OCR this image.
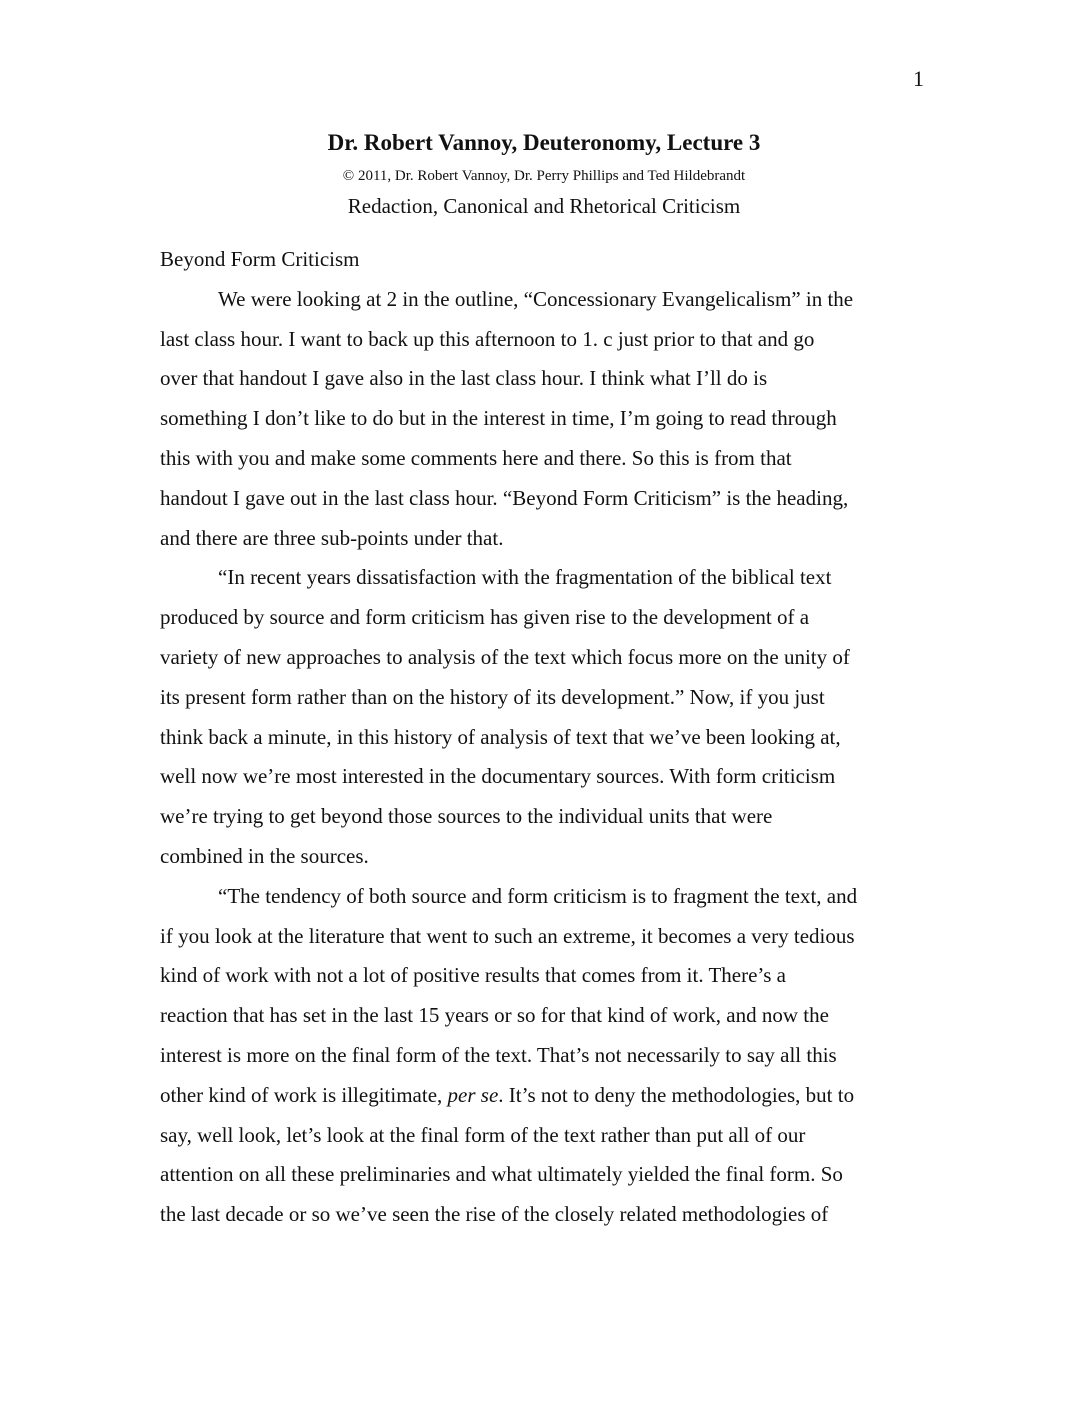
1
Dr. Robert Vannoy, Deuteronomy, Lecture 3
© 2011, Dr. Robert Vannoy, Dr. Perry Phillips and Ted Hildebrandt
Redaction, Canonical and Rhetorical Criticism

Beyond Form Criticism

We were looking at 2 in the outline, “Concessionary Evangelicalism” in the
last class hour. I want to back up this afternoon to 1. c just prior to that and go
over that handout I gave also in the last class hour. I think what I’ll do is
something I don’t like to do but in the interest in time, I’m going to read through
this with you and make some comments here and there. So this is from that
handout I gave out in the last class hour. “Beyond Form Criticism” is the heading,
and there are three sub-points under that.

“In recent years dissatisfaction with the fragmentation of the biblical text
produced by source and form criticism has given rise to the development of a
variety of new approaches to analysis of the text which focus more on the unity of
its present form rather than on the history of its development.” Now, if you just
think back a minute, in this history of analysis of text that we’ve been looking at,
well now we’re most interested in the documentary sources. With form criticism
we’re trying to get beyond those sources to the individual units that were
combined in the sources.

“The tendency of both source and form criticism is to fragment the text, and
if you look at the literature that went to such an extreme, it becomes a very tedious
kind of work with not a lot of positive results that comes from it. There’s a
reaction that has set in the last 15 years or so for that kind of work, and now the
interest is more on the final form of the text. That’s not necessarily to say all this
other kind of work is illegitimate, per se. It’s not to deny the methodologies, but to
say, well look, let’s look at the final form of the text rather than put all of our
attention on all these preliminaries and what ultimately yielded the final form. So
the last decade or so we’ve seen the rise of the closely related methodologies of
